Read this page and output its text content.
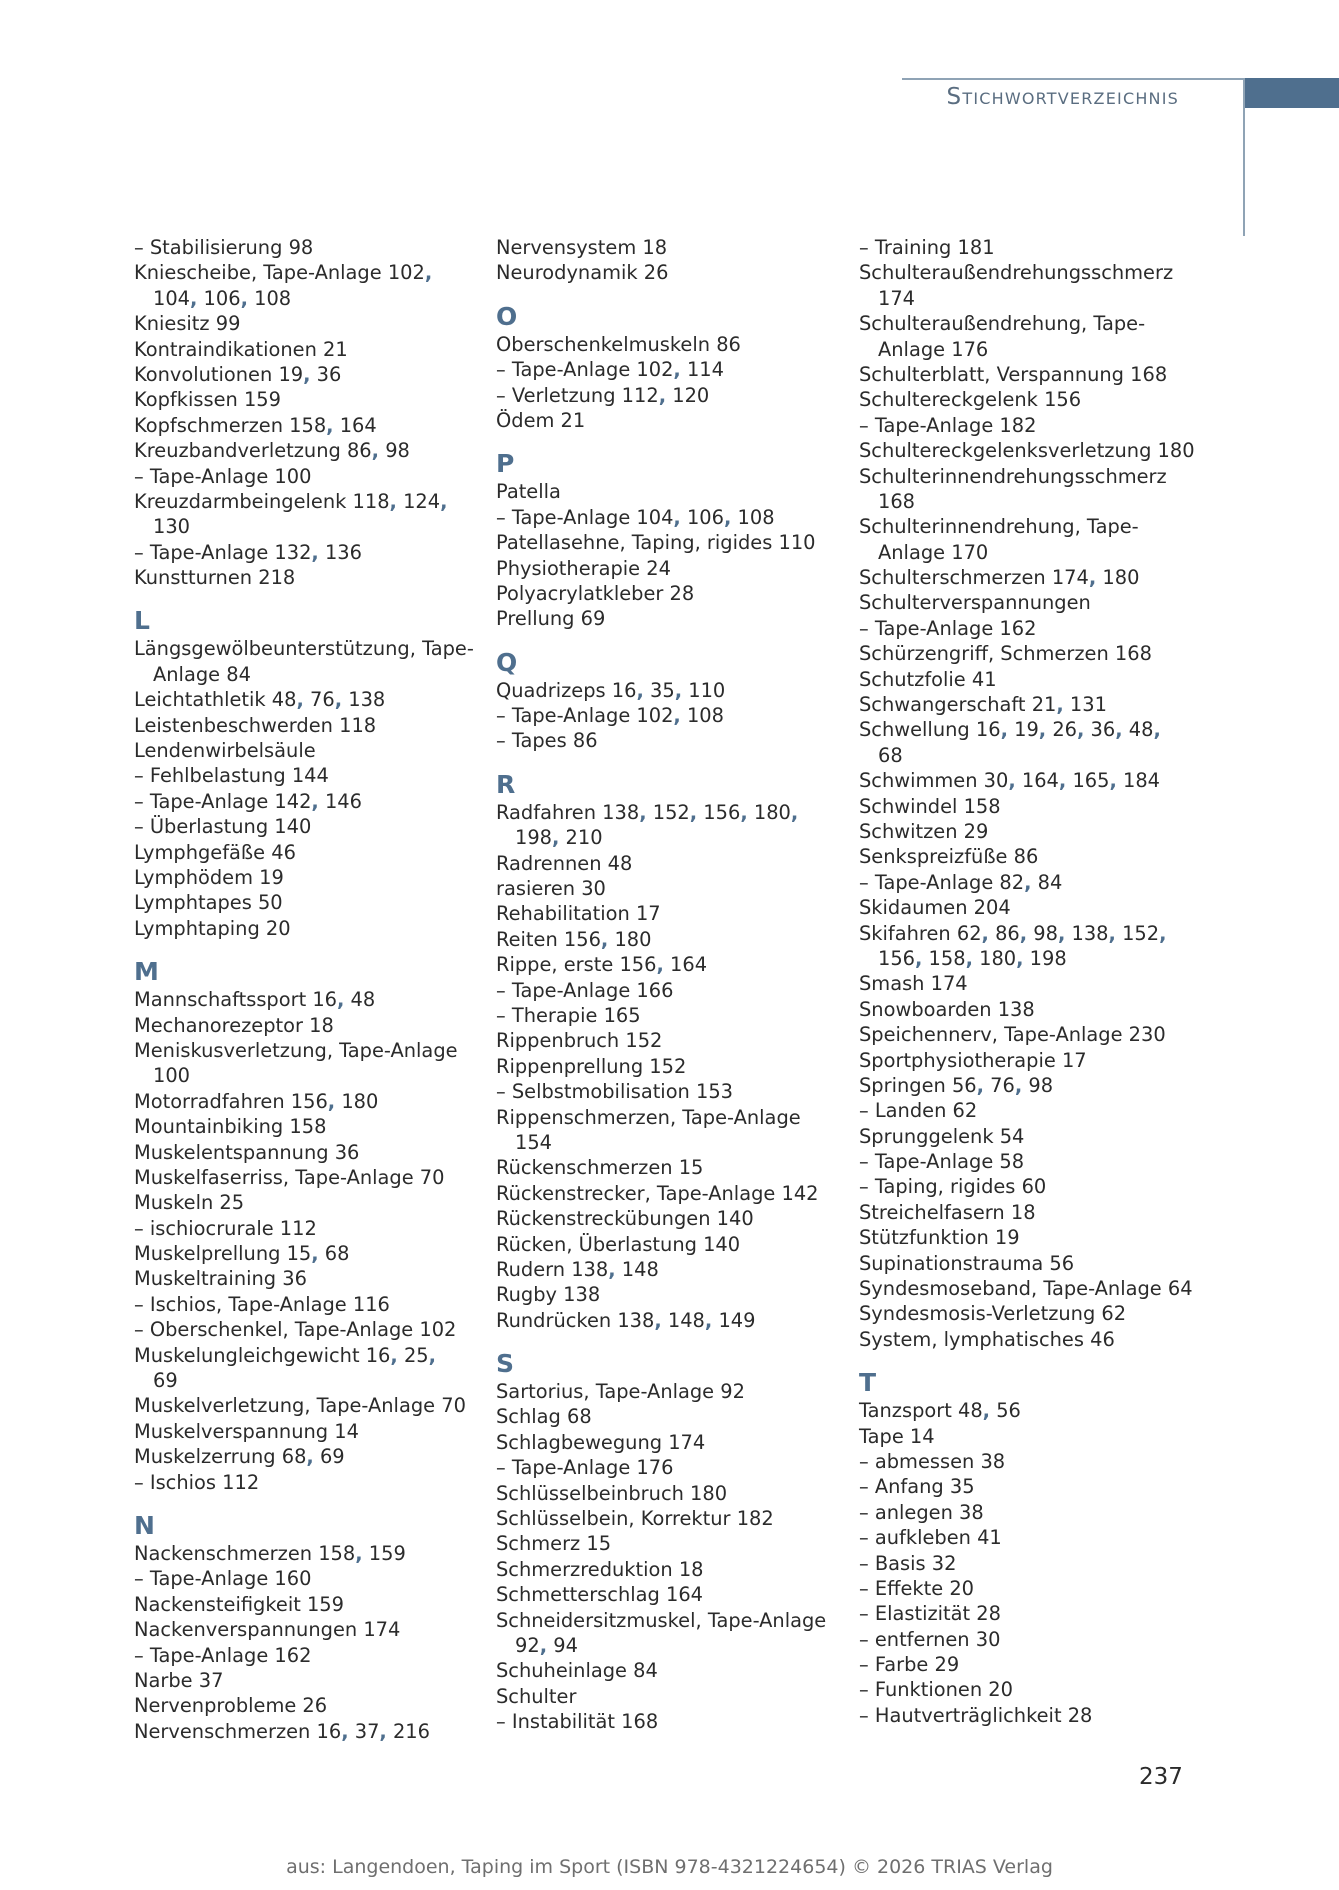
Stichwortverzeichnis
– Stabilisierung 98
Kniescheibe, Tape-Anlage 102,
104, 106, 108
Kniesitz 99
Kontraindikationen 21
Konvolutionen 19, 36
Kopfkissen 159
Kopfschmerzen 158, 164
Kreuzbandverletzung 86, 98
– Tape-Anlage 100
Kreuzdarmbeingelenk 118, 124,
130
– Tape-Anlage 132, 136
Kunstturnen 218
L
Längsgewölbeunterstützung, Tape-
Anlage 84
Leichtathletik 48, 76, 138
Leistenbeschwerden 118
Lendenwirbelsäule
– Fehlbelastung 144
– Tape-Anlage 142, 146
– Überlastung 140
Lymphgefäße 46
Lymphödem 19
Lymphtapes 50
Lymphtaping 20
M
Mannschaftssport 16, 48
Mechanorezeptor 18
Meniskusverletzung, Tape-Anlage
100
Motorradfahren 156, 180
Mountainbiking 158
Muskelentspannung 36
Muskelfaserriss, Tape-Anlage 70
Muskeln 25
– ischiocrurale 112
Muskelprellung 15, 68
Muskeltraining 36
– Ischios, Tape-Anlage 116
– Oberschenkel, Tape-Anlage 102
Muskelungleichgewicht 16, 25,
69
Muskelverletzung, Tape-Anlage 70
Muskelverspannung 14
Muskelzerrung 68, 69
– Ischios 112
N
Nackenschmerzen 158, 159
– Tape-Anlage 160
Nackensteifigkeit 159
Nackenverspannungen 174
– Tape-Anlage 162
Narbe 37
Nervenprobleme 26
Nervenschmerzen 16, 37, 216
Nervensystem 18
Neurodynamik 26
O
Oberschenkelmuskeln 86
– Tape-Anlage 102, 114
– Verletzung 112, 120
Ödem 21
P
Patella
– Tape-Anlage 104, 106, 108
Patellasehne, Taping, rigides 110
Physiotherapie 24
Polyacrylatkleber 28
Prellung 69
Q
Quadrizeps 16, 35, 110
– Tape-Anlage 102, 108
– Tapes 86
R
Radfahren 138, 152, 156, 180,
198, 210
Radrennen 48
rasieren 30
Rehabilitation 17
Reiten 156, 180
Rippe, erste 156, 164
– Tape-Anlage 166
– Therapie 165
Rippenbruch 152
Rippenprellung 152
– Selbstmobilisation 153
Rippenschmerzen, Tape-Anlage
154
Rückenschmerzen 15
Rückenstrecker, Tape-Anlage 142
Rückenstreckübungen 140
Rücken, Überlastung 140
Rudern 138, 148
Rugby 138
Rundrücken 138, 148, 149
S
Sartorius, Tape-Anlage 92
Schlag 68
Schlagbewegung 174
– Tape-Anlage 176
Schlüsselbeinbruch 180
Schlüsselbein, Korrektur 182
Schmerz 15
Schmerzreduktion 18
Schmetterschlag 164
Schneidersitzmuskel, Tape-Anlage
92, 94
Schuheinlage 84
Schulter
– Instabilität 168
– Training 181
Schulteraußendrehungsschmerz
174
Schulteraußendrehung, Tape-
Anlage 176
Schulterblatt, Verspannung 168
Schultereckgelenk 156
– Tape-Anlage 182
Schultereckgelenksverletzung 180
Schulterinnendrehungsschmerz
168
Schulterinnendrehung, Tape-
Anlage 170
Schulterschmerzen 174, 180
Schulterverspannungen
– Tape-Anlage 162
Schürzengriff, Schmerzen 168
Schutzfolie 41
Schwangerschaft 21, 131
Schwellung 16, 19, 26, 36, 48,
68
Schwimmen 30, 164, 165, 184
Schwindel 158
Schwitzen 29
Senkspreizfüße 86
– Tape-Anlage 82, 84
Skidaumen 204
Skifahren 62, 86, 98, 138, 152,
156, 158, 180, 198
Smash 174
Snowboarden 138
Speichennerv, Tape-Anlage 230
Sportphysiotherapie 17
Springen 56, 76, 98
– Landen 62
Sprunggelenk 54
– Tape-Anlage 58
– Taping, rigides 60
Streichelfasern 18
Stützfunktion 19
Supinationstrauma 56
Syndesmoseband, Tape-Anlage 64
Syndesmosis-Verletzung 62
System, lymphatisches 46
T
Tanzsport 48, 56
Tape 14
– abmessen 38
– Anfang 35
– anlegen 38
– aufkleben 41
– Basis 32
– Effekte 20
– Elastizität 28
– entfernen 30
– Farbe 29
– Funktionen 20
– Hautverträglichkeit 28
237
aus: Langendoen, Taping im Sport (ISBN 978-4321224654) © 2026 TRIAS Verlag
